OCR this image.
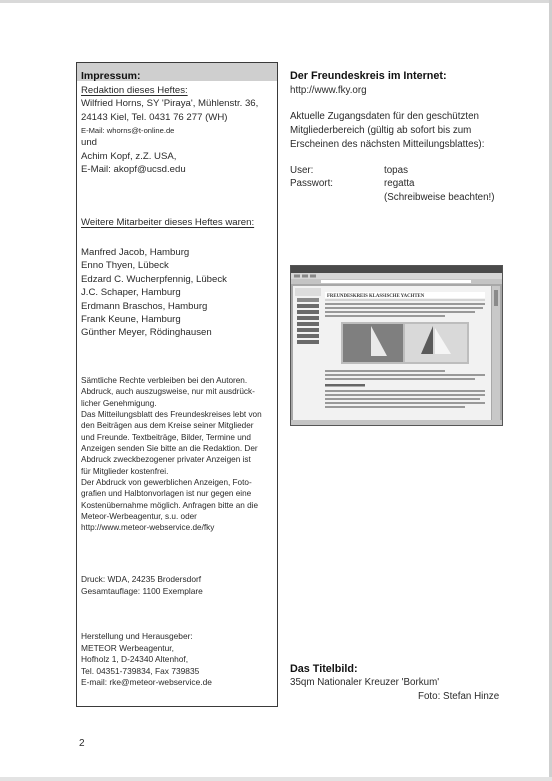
Impressum:
Redaktion dieses Heftes:
Wilfried Horns, SY 'Piraya', Mühlenstr. 36,
24143 Kiel, Tel. 0431 76 277 (WH)
E-Mail: whorns@t-online.de
und
Achim Kopf, z.Z. USA,
E-Mail: akopf@ucsd.edu
Weitere Mitarbeiter dieses Heftes waren:
Manfred Jacob, Hamburg
Enno Thyen, Lübeck
Edzard C. Wucherpfennig, Lübeck
J.C. Schaper, Hamburg
Erdmann Braschos, Hamburg
Frank Keune, Hamburg
Günther Meyer, Rödinghausen
Sämtliche Rechte verbleiben bei den Autoren.
Abdruck, auch auszugsweise, nur mit ausdrück-
licher Genehmigung.
Das Mitteilungsblatt des Freundeskreises lebt von
den Beiträgen aus dem Kreise seiner Mitglieder
und Freunde. Textbeiträge, Bilder, Termine und
Anzeigen senden Sie bitte an die Redaktion. Der
Abdruck zweckbezogener privater Anzeigen ist
für Mitglieder kostenfrei.
Der Abdruck von gewerblichen Anzeigen, Foto-
grafien und Halbtonvorlagen ist nur gegen eine
Kostenübernahme möglich. Anfragen bitte an die
Meteor-Werbeagentur, s.u. oder
http://www.meteor-webservice.de/fky
Druck: WDA, 24235 Brodersdorf
Gesamtauflage: 1100 Exemplare
Herstellung und Herausgeber:
METEOR Werbeagentur,
Hofholz 1, D-24340 Altenhof,
Tel. 04351-739834, Fax 739835
E-mail: rke@meteor-webservice.de
Der Freundeskreis im Internet:
http://www.fky.org
Aktuelle Zugangsdaten für den geschützten
Mitgliederbereich (gültig ab sofort bis zum
Erscheinen des nächsten Mitteilungsblattes):
User:	topas
Passwort:	regatta
(Schreibweise beachten!)
FREUNDESKREIS KLASSISCHE YACHTEN
Das Titelbild:
35qm Nationaler Kreuzer 'Borkum'
Foto: Stefan Hinze
2
